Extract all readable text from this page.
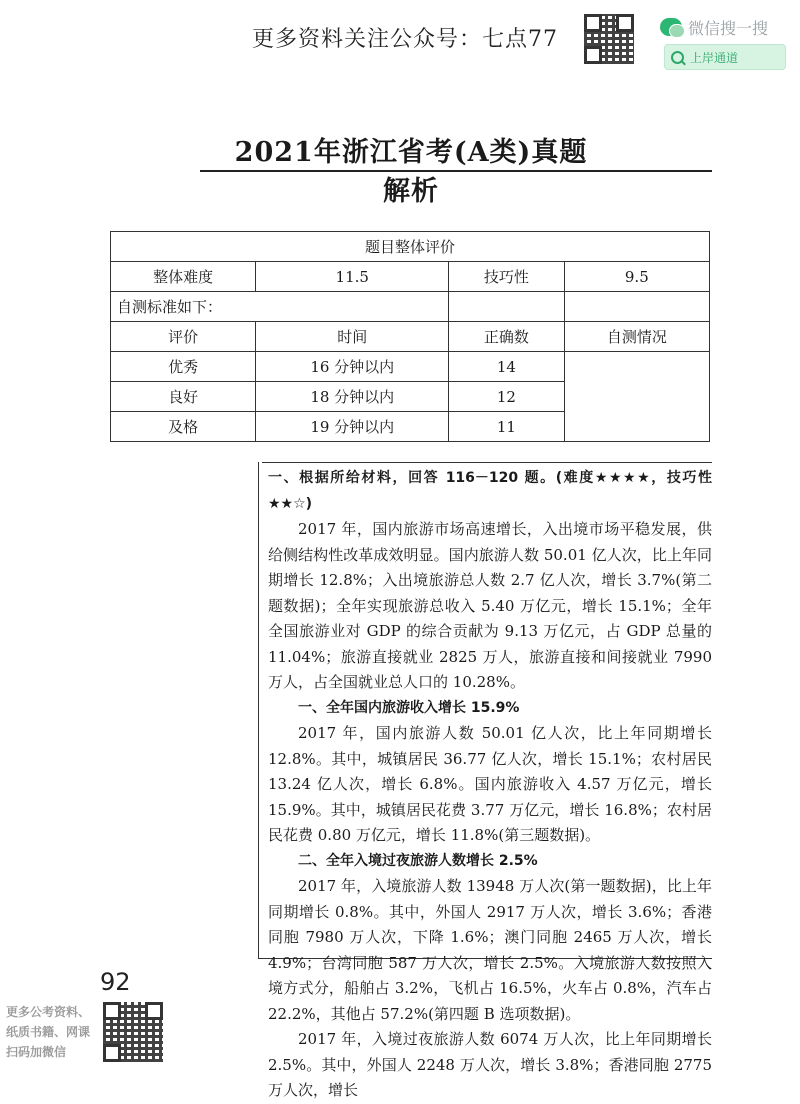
更多资料关注公众号：七点77	微信搜一搜
上岸通道
2021年浙江省考(A类)真题解析
题目整体评价			
整体难度	11.5	技巧性	9.5
自测标准如下：			
评价	时间	正确数	自测情况
优秀	16 分钟以内	14	
良好	18 分钟以内	12	
及格	19 分钟以内	11	

一、根据所给材料，回答 116－120 题。(难度★★★★，技巧性★★☆)

2017 年，国内旅游市场高速增长，入出境市场平稳发展，供给侧结构性改革成效明显。国内旅游人数 50.01 亿人次，比上年同期增长 12.8%；入出境旅游总人数 2.7 亿人次，增长 3.7%(第二题数据)；全年实现旅游总收入 5.40 万亿元，增长 15.1%；全年全国旅游业对 GDP 的综合贡献为 9.13 万亿元，占 GDP 总量的 11.04%；旅游直接就业 2825 万人，旅游直接和间接就业 7990 万人，占全国就业总人口的 10.28%。

一、全年国内旅游收入增长 15.9%

2017 年，国内旅游人数 50.01 亿人次，比上年同期增长 12.8%。其中，城镇居民 36.77 亿人次，增长 15.1%；农村居民 13.24 亿人次，增长 6.8%。国内旅游收入 4.57 万亿元，增长 15.9%。其中，城镇居民花费 3.77 万亿元，增长 16.8%；农村居民花费 0.80 万亿元，增长 11.8%(第三题数据)。

二、全年入境过夜旅游人数增长 2.5%

2017 年，入境旅游人数 13948 万人次(第一题数据)，比上年同期增长 0.8%。其中，外国人 2917 万人次，增长 3.6%；香港同胞 7980 万人次，下降 1.6%；澳门同胞 2465 万人次，增长 4.9%；台湾同胞 587 万人次，增长 2.5%。入境旅游人数按照入境方式分，船舶占 3.2%，飞机占 16.5%，火车占 0.8%，汽车占 22.2%，其他占 57.2%(第四题 B 选项数据)。

2017 年，入境过夜旅游人数 6074 万人次，比上年同期增长2.5%。其中，外国人 2248 万人次，增长 3.8%；香港同胞 2775 万人次，增长

92
更多公考资料、
纸质书籍、网课
扫码加微信
